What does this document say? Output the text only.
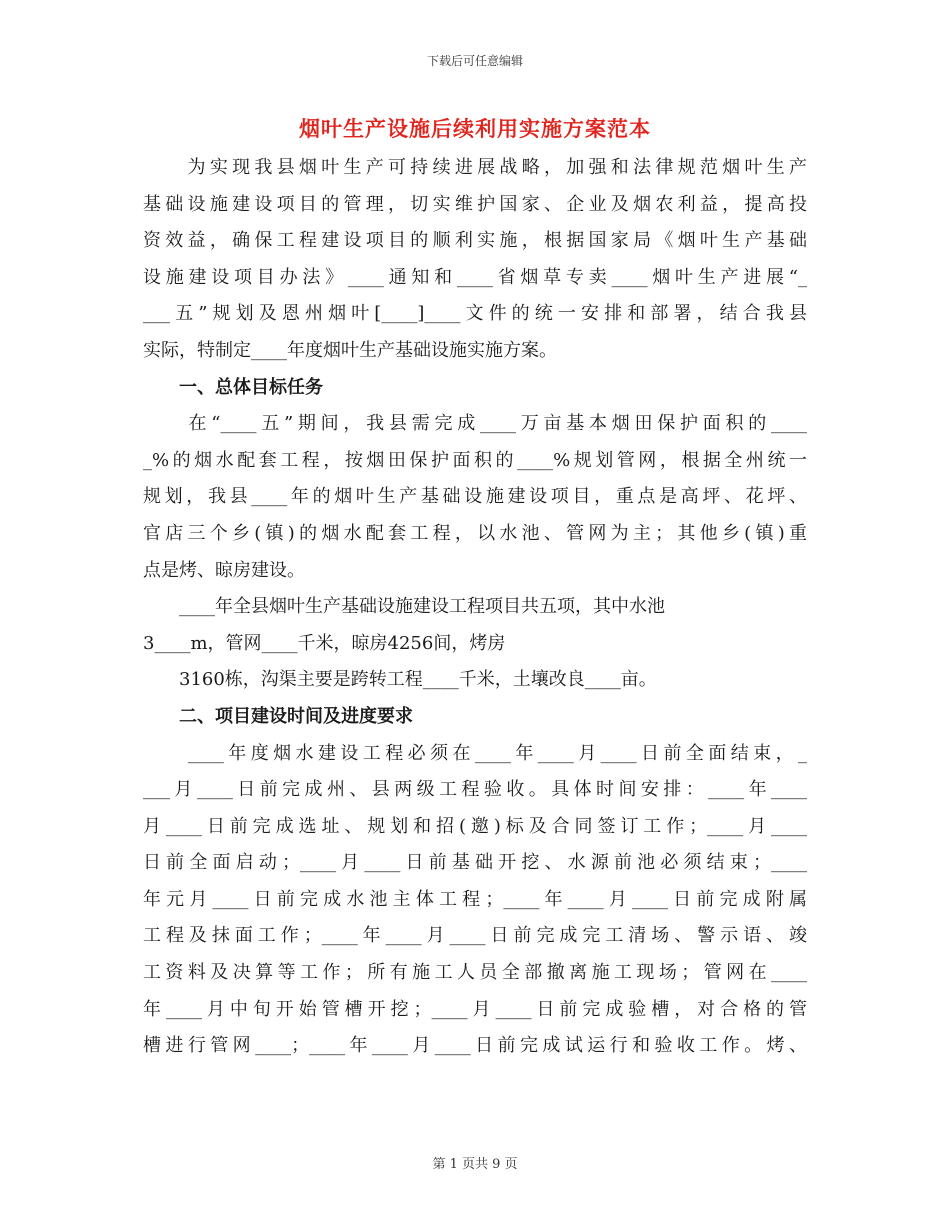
下载后可任意编辑
烟叶生产设施后续利用实施方案范本
　　为实现我县烟叶生产可持续进展战略，加强和法律规范烟叶生产
基础设施建设项目的管理，切实维护国家、企业及烟农利益，提高投
资效益，确保工程建设项目的顺利实施，根据国家局《烟叶生产基础
设施建设项目办法》____通知和____省烟草专卖____烟叶生产进展“_
___五”规划及恩州烟叶[____]____文件的统一安排和部署，结合我县
实际，特制定____年度烟叶生产基础设施实施方案。
　　一、总体目标任务
　　在“____五”期间，我县需完成____万亩基本烟田保护面积的____
_%的烟水配套工程，按烟田保护面积的____%规划管网，根据全州统一
规划，我县____年的烟叶生产基础设施建设项目，重点是高坪、花坪、
官店三个乡(镇)的烟水配套工程，以水池、管网为主；其他乡(镇)重
点是烤、晾房建设。
　　____年全县烟叶生产基础设施建设工程项目共五项，其中水池
3____m，管网____千米，晾房4256间，烤房
　　3160栋，沟渠主要是跨转工程____千米，土壤改良____亩。
　　二、项目建设时间及进度要求
　　____年度烟水建设工程必须在____年____月____日前全面结束，_
___月____日前完成州、县两级工程验收。具体时间安排：____年____
月____日前完成选址、规划和招(邀)标及合同签订工作；____月____
日前全面启动；____月____日前基础开挖、水源前池必须结束；____
年元月____日前完成水池主体工程；____年____月____日前完成附属
工程及抹面工作；____年____月____日前完成完工清场、警示语、竣
工资料及决算等工作；所有施工人员全部撤离施工现场；管网在____
年____月中旬开始管槽开挖；____月____日前完成验槽，对合格的管
槽进行管网____；____年____月____日前完成试运行和验收工作。烤、
第 1 页共 9 页
